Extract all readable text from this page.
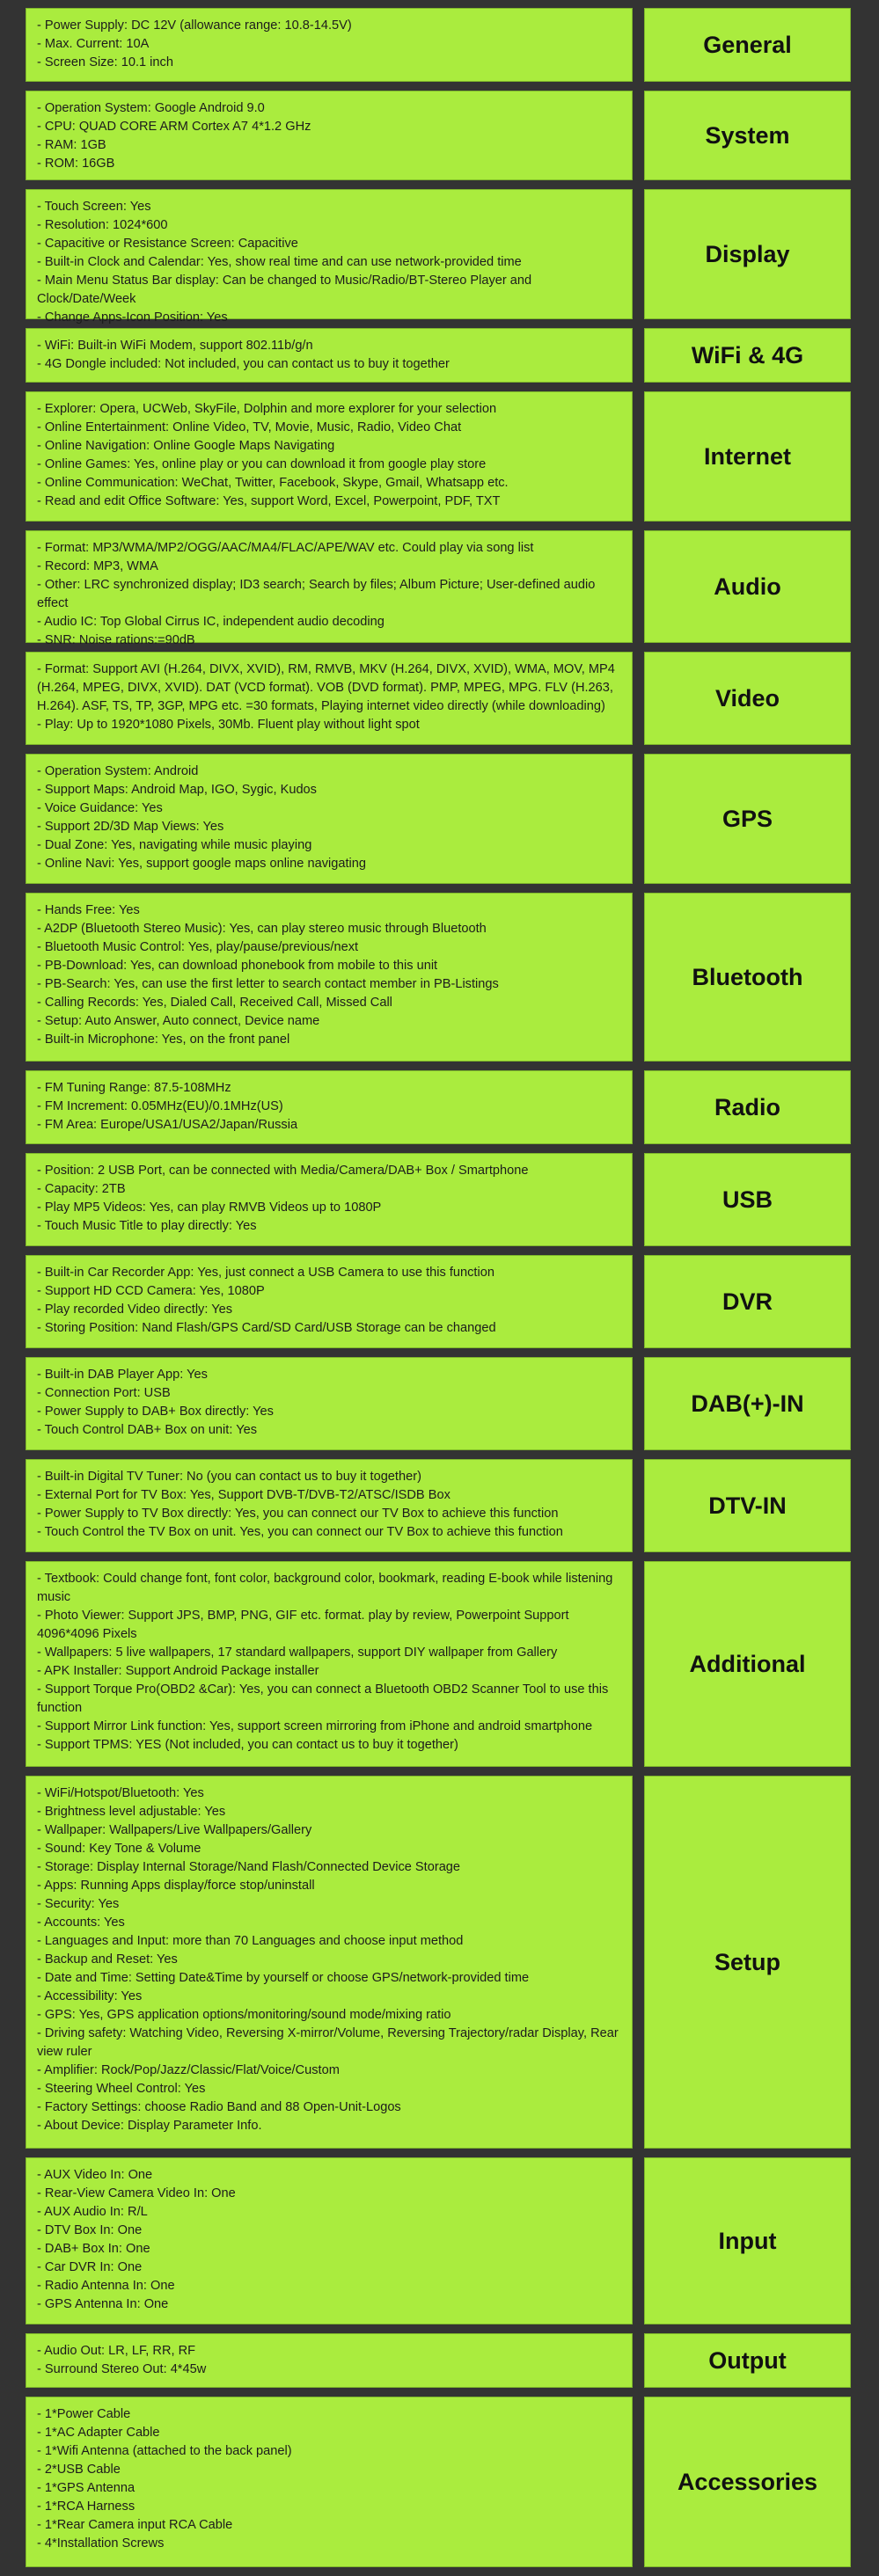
- Power Supply: DC 12V (allowance range: 10.8-14.5V)
- Max. Current: 10A
- Screen Size: 10.1 inch
General
- Operation System: Google Android 9.0
- CPU: QUAD CORE ARM Cortex A7 4*1.2 GHz
- RAM: 1GB
- ROM: 16GB
System
- Touch Screen: Yes
- Resolution: 1024*600
- Capacitive or Resistance Screen: Capacitive
- Built-in Clock and Calendar: Yes, show real time and can use network-provided time
- Main Menu Status Bar display: Can be changed to Music/Radio/BT-Stereo Player and Clock/Date/Week
- Change Apps-Icon Position: Yes
Display
- WiFi: Built-in WiFi Modem, support 802.11b/g/n
- 4G Dongle included: Not included, you can contact us to buy it together	WiFi & 4G
- Explorer: Opera, UCWeb, SkyFile, Dolphin and more explorer for your selection
- Online Entertainment: Online Video, TV, Movie, Music, Radio, Video Chat
- Online Navigation: Online Google Maps Navigating
- Online Games: Yes, online play or you can download it from google play store
- Online Communication: WeChat, Twitter, Facebook, Skype, Gmail, Whatsapp etc.
- Read and edit Office Software: Yes, support Word, Excel, Powerpoint, PDF, TXT
Internet
- Format: MP3/WMA/MP2/OGG/AAC/MA4/FLAC/APE/WAV etc. Could play via song list
- Record: MP3, WMA
- Other: LRC synchronized display; ID3 search; Search by files; Album Picture; User-defined audio effect
- Audio IC: Top Global Cirrus IC, independent audio decoding
- SNR: Noise rations:=90dB
Audio
- Format: Support AVI (H.264, DIVX, XVID), RM, RMVB, MKV (H.264, DIVX, XVID), WMA, MOV, MP4 (H.264, MPEG, DIVX, XVID). DAT (VCD format). VOB (DVD format). PMP, MPEG, MPG. FLV (H.263, H.264). ASF, TS, TP, 3GP, MPG etc. =30 formats, Playing internet video directly (while downloading)
- Play: Up to 1920*1080 Pixels, 30Mb. Fluent play without light spot
Video
- Operation System: Android
- Support Maps: Android Map, IGO, Sygic, Kudos
- Voice Guidance: Yes
- Support 2D/3D Map Views: Yes
- Dual Zone: Yes, navigating while music playing
- Online Navi: Yes, support google maps online navigating
GPS
- Hands Free: Yes
- A2DP (Bluetooth Stereo Music): Yes, can play stereo music through Bluetooth
- Bluetooth Music Control: Yes, play/pause/previous/next
- PB-Download: Yes, can download phonebook from mobile to this unit
- PB-Search: Yes, can use the first letter to search contact member in PB-Listings
- Calling Records: Yes, Dialed Call, Received Call, Missed Call
- Setup: Auto Answer, Auto connect, Device name
- Built-in Microphone: Yes, on the front panel
Bluetooth
- FM Tuning Range: 87.5-108MHz
- FM Increment: 0.05MHz(EU)/0.1MHz(US)
- FM Area: Europe/USA1/USA2/Japan/Russia
Radio
- Position: 2 USB Port, can be connected with Media/Camera/DAB+ Box / Smartphone
- Capacity: 2TB
- Play MP5 Videos: Yes, can play RMVB Videos up to 1080P
- Touch Music Title to play directly: Yes
USB
- Built-in Car Recorder App: Yes, just connect a USB Camera to use this function
- Support HD CCD Camera: Yes, 1080P
- Play recorded Video directly: Yes
- Storing Position: Nand Flash/GPS Card/SD Card/USB Storage can be changed
DVR
- Built-in DAB Player App: Yes
- Connection Port: USB
- Power Supply to DAB+ Box directly: Yes
- Touch Control DAB+ Box on unit: Yes
DAB(+)-IN
- Built-in Digital TV Tuner: No (you can contact us to buy it together)
- External Port for TV Box: Yes, Support DVB-T/DVB-T2/ATSC/ISDB Box
- Power Supply to TV Box directly: Yes, you can connect our TV Box to achieve this function
- Touch Control the TV Box on unit. Yes, you can connect our TV Box to achieve this function
DTV-IN
- Textbook: Could change font, font color, background color, bookmark, reading E-book while listening music
- Photo Viewer: Support JPS, BMP, PNG, GIF etc. format. play by review, Powerpoint Support 4096*4096 Pixels
- Wallpapers: 5 live wallpapers, 17 standard wallpapers, support DIY wallpaper from Gallery
- APK Installer: Support Android Package installer
- Support Torque Pro(OBD2 &Car): Yes, you can connect a Bluetooth OBD2 Scanner Tool to use this function
- Support Mirror Link function: Yes, support screen mirroring from iPhone and android smartphone
- Support TPMS: YES (Not included, you can contact us to buy it together)
Additional
- WiFi/Hotspot/Bluetooth: Yes
- Brightness level adjustable: Yes
- Wallpaper: Wallpapers/Live Wallpapers/Gallery
- Sound: Key Tone & Volume
- Storage: Display Internal Storage/Nand Flash/Connected Device Storage
- Apps: Running Apps display/force stop/uninstall
- Security: Yes
- Accounts: Yes
- Languages and Input: more than 70 Languages and choose input method
- Backup and Reset: Yes
- Date and Time: Setting Date&Time by yourself or choose GPS/network-provided time
- Accessibility: Yes
- GPS: Yes, GPS application options/monitoring/sound mode/mixing ratio
- Driving safety: Watching Video, Reversing X-mirror/Volume, Reversing Trajectory/radar Display, Rear view ruler
- Amplifier: Rock/Pop/Jazz/Classic/Flat/Voice/Custom
- Steering Wheel Control: Yes
- Factory Settings: choose Radio Band and 88 Open-Unit-Logos
- About Device: Display Parameter Info.
Setup
- AUX Video In: One
- Rear-View Camera Video In: One
- AUX Audio In: R/L
- DTV Box In: One
- DAB+ Box In: One
- Car DVR In: One
- Radio Antenna In: One
- GPS Antenna In: One
Input
- Audio Out: LR, LF, RR, RF
- Surround Stereo Out: 4*45w	Output
- 1*Power Cable
- 1*AC Adapter Cable
- 1*Wifi Antenna (attached to the back panel)
- 2*USB Cable
- 1*GPS Antenna
- 1*RCA Harness
- 1*Rear Camera input RCA Cable
- 4*Installation Screws
Accessories
